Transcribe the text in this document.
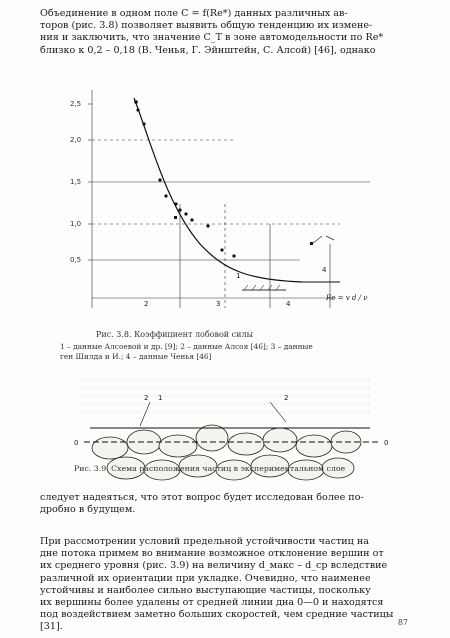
Объединение в одном поле C = f(Re*) данных различных ав-
торов (рис. 3.8) позволяет выявить общую тенденцию их измене-
ния и заключить, что значение C_T в зоне автомодельности по Re*
близко к 0,2 – 0,18 (В. Ченья, Г. Эйнштейн, С. Алсой) [46], однако
2,5
2,0
1,5
1,0
0,5
2	3	4
1
4
Re = v d / ν
Рис. 3.8. Коэффициент лобовой силы
1 – данные Алсоевой и др. [9]; 2 – данные Алсоя [46]; 3 – данные
ген Шилда и И.; 4 – данные Ченья [46]
2 1	2
0	0
Рис. 3.9. Схема расположения частиц в экспериментальном слое
следует надеяться, что этот вопрос будет исследован более по-
дробно в будущем.
При рассмотрении условий предельной устойчивости частиц на
дне потока примем во внимание возможное отклонение вершин от
их среднего уровня (рис. 3.9) на величину d_макс – d_ср вследствие
различной их ориентации при укладке. Очевидно, что наименее
устойчивы и наиболее сильно выступающие частицы, поскольку
их вершины более удалены от средней линии дна 0—0 и находятся
под воздействием заметно больших скоростей, чем средние частицы
[31].	87
